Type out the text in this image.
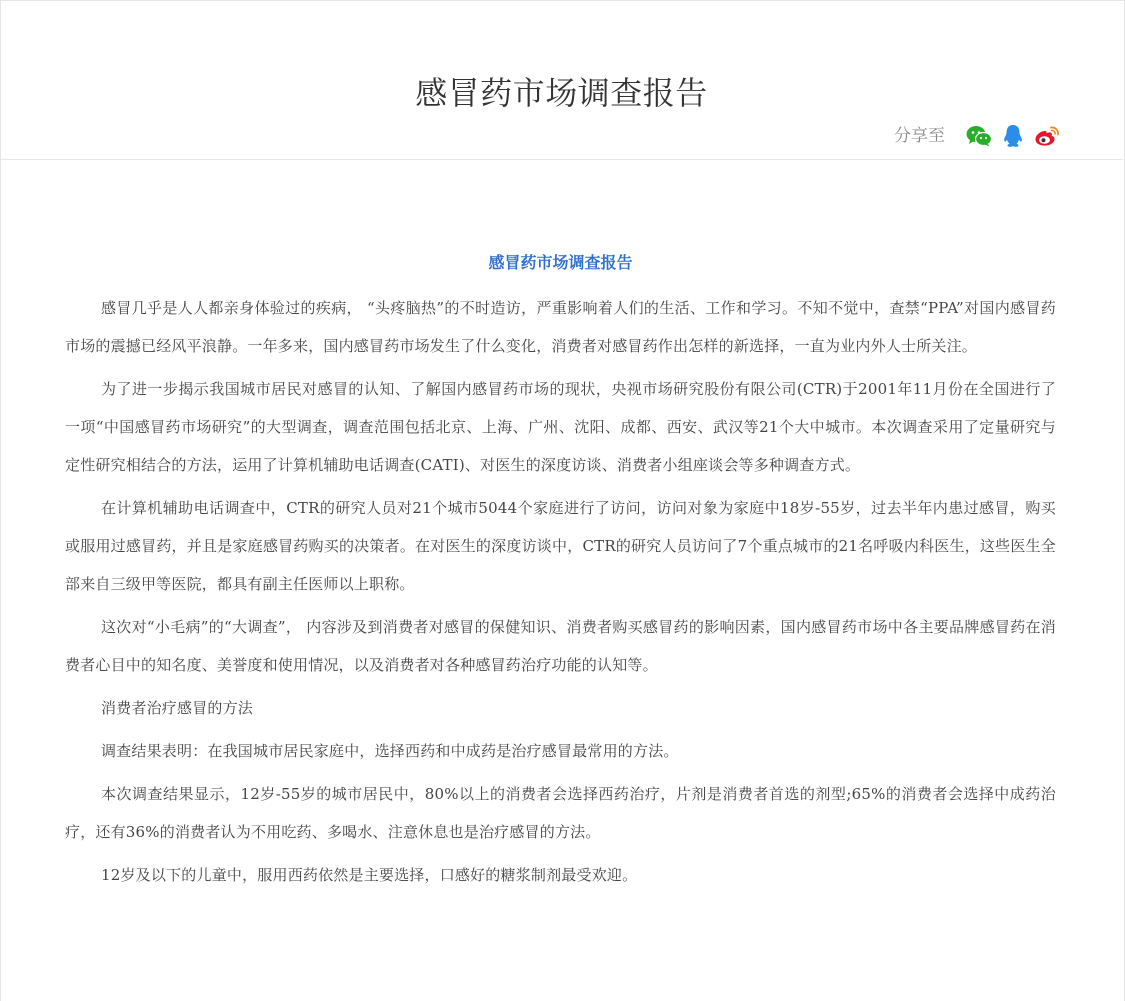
感冒药市场调查报告
分享至
感冒药市场调查报告

感冒几乎是人人都亲身体验过的疾病， “头疼脑热”的不时造访，严重影响着人们的生活、工作和学习。不知不觉中，查禁“PPA”对国内感冒药市场的震撼已经风平浪静。一年多来，国内感冒药市场发生了什么变化，消费者对感冒药作出怎样的新选择，一直为业内外人士所关注。

为了进一步揭示我国城市居民对感冒的认知、了解国内感冒药市场的现状，央视市场研究股份有限公司(CTR)于2001年11月份在全国进行了一项“中国感冒药市场研究”的大型调查，调查范围包括北京、上海、广州、沈阳、成都、西安、武汉等21个大中城市。本次调查采用了定量研究与定性研究相结合的方法，运用了计算机辅助电话调查(CATI)、对医生的深度访谈、消费者小组座谈会等多种调查方式。

在计算机辅助电话调查中，CTR的研究人员对21个城市5044个家庭进行了访问，访问对象为家庭中18岁-55岁，过去半年内患过感冒，购买或服用过感冒药，并且是家庭感冒药购买的决策者。在对医生的深度访谈中，CTR的研究人员访问了7个重点城市的21名呼吸内科医生，这些医生全部来自三级甲等医院，都具有副主任医师以上职称。

这次对“小毛病”的“大调查”， 内容涉及到消费者对感冒的保健知识、消费者购买感冒药的影响因素，国内感冒药市场中各主要品牌感冒药在消费者心目中的知名度、美誉度和使用情况，以及消费者对各种感冒药治疗功能的认知等。

消费者治疗感冒的方法

调查结果表明：在我国城市居民家庭中，选择西药和中成药是治疗感冒最常用的方法。

本次调查结果显示，12岁-55岁的城市居民中，80%以上的消费者会选择西药治疗，片剂是消费者首选的剂型;65%的消费者会选择中成药治疗，还有36%的消费者认为不用吃药、多喝水、注意休息也是治疗感冒的方法。

12岁及以下的儿童中，服用西药依然是主要选择，口感好的糖浆制剂最受欢迎。
